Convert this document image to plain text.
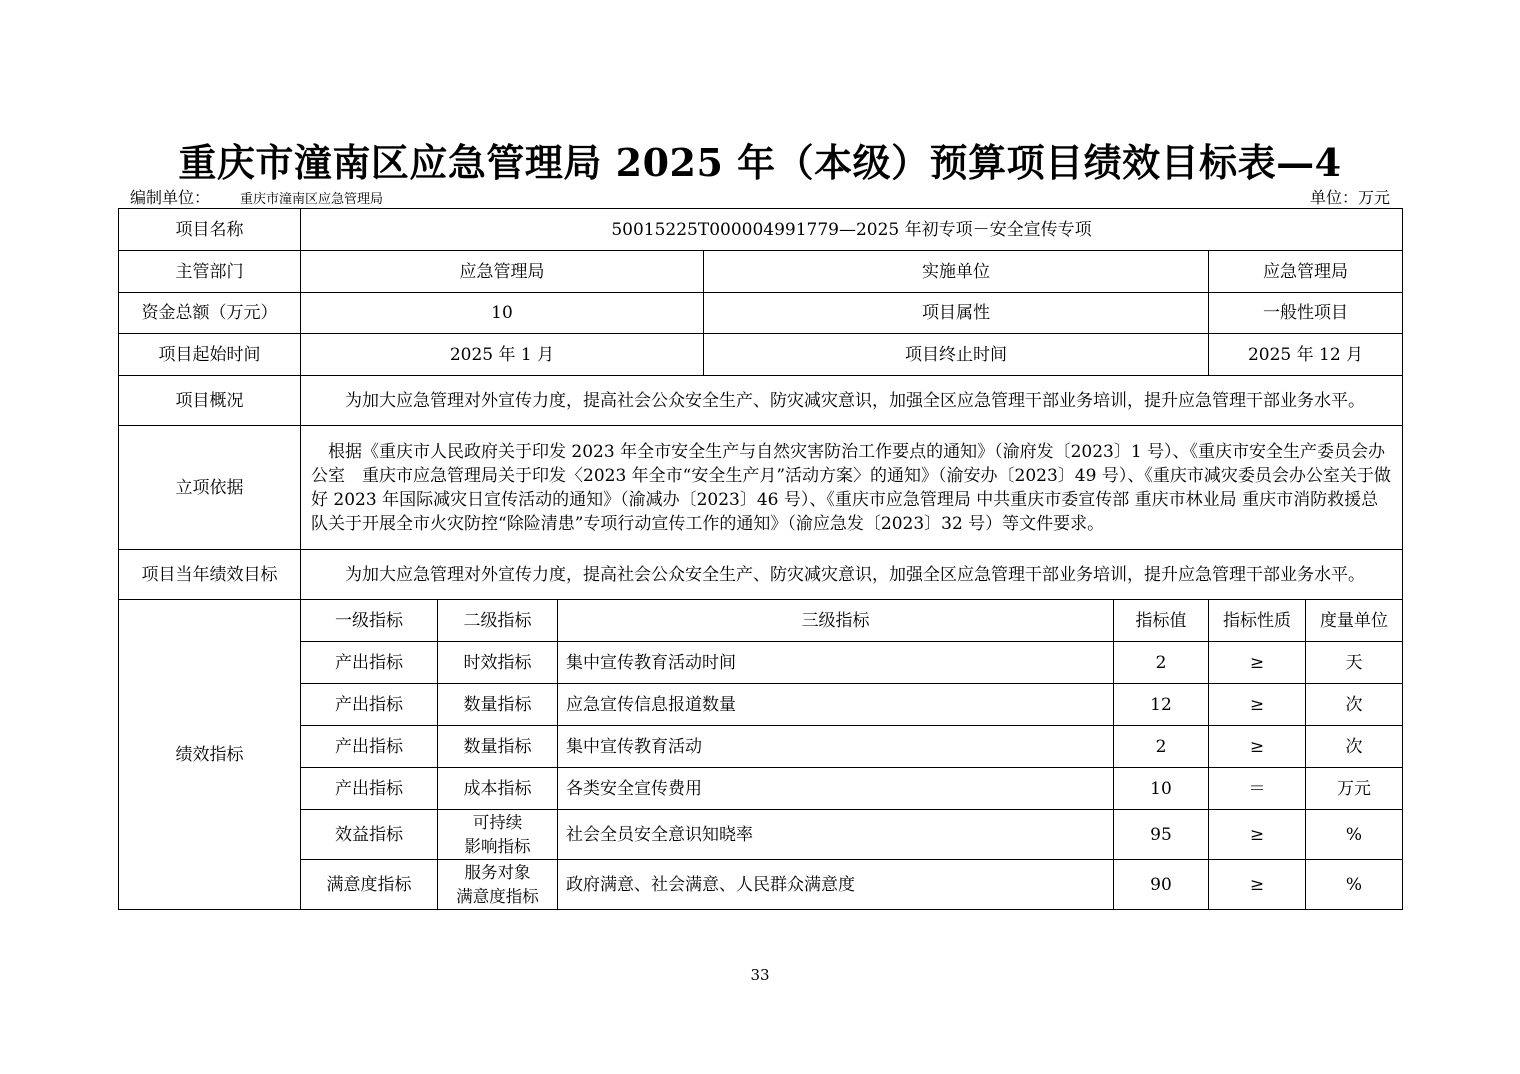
重庆市潼南区应急管理局 2025 年（本级）预算项目绩效目标表—4
编制单位： 重庆市潼南区应急管理局	单位：万元
项目名称	50015225T000004991779—2025 年初专项－安全宣传专项						
主管部门	应急管理局			实施单位		应急管理局	
资金总额（万元）	10			项目属性		一般性项目	
项目起始时间	2025 年 1 月			项目终止时间		2025 年 12 月	
项目概况	为加大应急管理对外宣传力度，提高社会公众安全生产、防灾减灾意识，加强全区应急管理干部业务培训，提升应急管理干部业务水平。						
立项依据	根据《重庆市人民政府关于印发 2023 年全市安全生产与自然灾害防治工作要点的通知》（渝府发〔2023〕1 号）、《重庆市安全生产委员会办公室　重庆市应急管理局关于印发〈2023 年全市“安全生产月”活动方案〉的通知》（渝安办〔2023〕49 号）、《重庆市减灾委员会办公室关于做好 2023 年国际减灾日宣传活动的通知》（渝减办〔2023〕46 号）、《重庆市应急管理局 中共重庆市委宣传部 重庆市林业局 重庆市消防救援总队关于开展全市火灾防控“除险清患”专项行动宣传工作的通知》（渝应急发〔2023〕32 号）等文件要求。						
项目当年绩效目标	为加大应急管理对外宣传力度，提高社会公众安全生产、防灾减灾意识，加强全区应急管理干部业务培训，提升应急管理干部业务水平。						
绩效指标	一级指标	二级指标	三级指标		指标值	指标性质	度量单位
	产出指标	时效指标	集中宣传教育活动时间		2	≥	天
	产出指标	数量指标	应急宣传信息报道数量		12	≥	次
	产出指标	数量指标	集中宣传教育活动		2	≥	次
	产出指标	成本指标	各类安全宣传费用		10	＝	万元
	效益指标	可持续
影响指标	社会全员安全意识知晓率		95	≥	%
	满意度指标	服务对象
满意度指标	政府满意、社会满意、人民群众满意度		90	≥	%
33
